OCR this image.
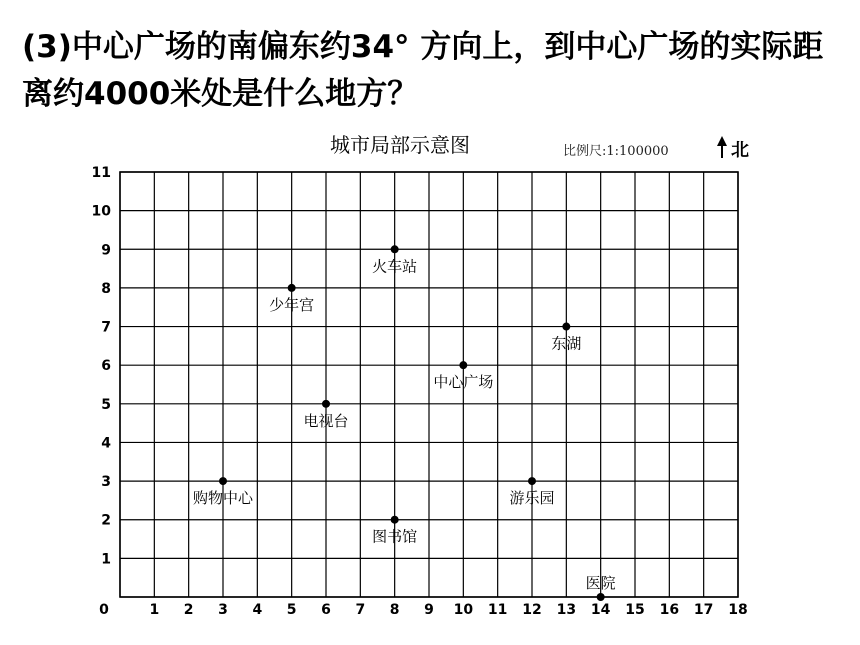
(3)中心广场的南偏东约34° 方向上，到中心广场的实际距离约4000米处是什么地方？

城市局部示意图	比例尺:1:100000	北
0	1 2 3 4 5 6 7 8 9 10 11 12 13 14 15 16 17 18
1
2
3
4
5
6
7
8
9
10
11
火车站
少年宫
东湖
中心广场
电视台
购物中心	游乐园
图书馆
医院
